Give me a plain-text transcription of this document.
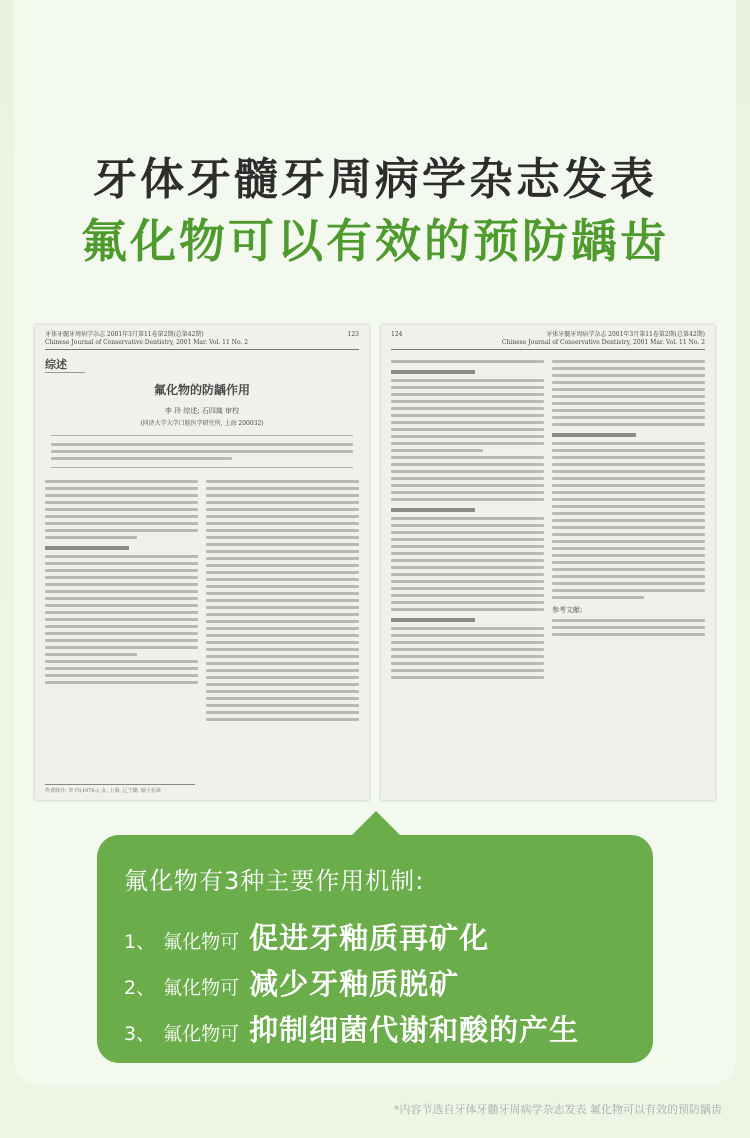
牙体牙髓牙周病学杂志发表
氟化物可以有效的预防龋齿
牙体牙髓牙周病学杂志 2001年3月第11卷第2期(总第42期)
Chinese Journal of Conservative Dentistry, 2001 Mar. Vol. 11 No. 2
123
综述
氟化物的防龋作用
李 玲 综述; 石四箴 审校
(同济大学大学口腔医学研究所, 上海 200032)
作者简介: 李 玲(1976-), 女, 上海, 辽宁籍, 硕士在读
124	牙体牙髓牙周病学杂志 2001年3月第11卷第2期(总第42期)
Chinese Journal of Conservative Dentistry, 2001 Mar. Vol. 11 No. 2
参考文献:
氟化物有3种主要作用机制:
1、 氟化物可 促进牙釉质再矿化
2、 氟化物可 减少牙釉质脱矿
3、 氟化物可 抑制细菌代谢和酸的产生
*内容节选自牙体牙髓牙周病学杂志发表 氟化物可以有效的预防龋齿
